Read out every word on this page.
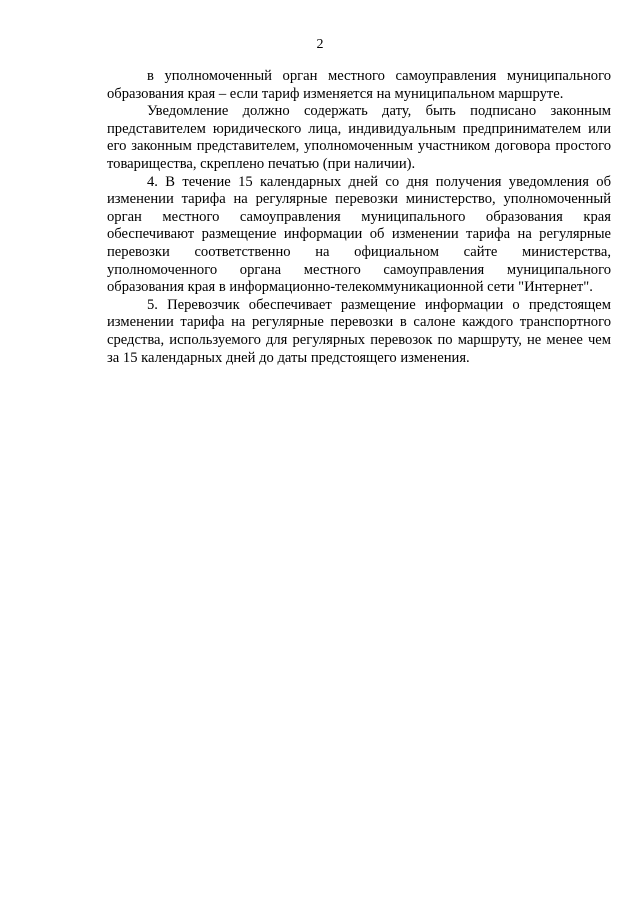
2

в уполномоченный орган местного самоуправления муниципального образования края – если тариф изменяется на муниципальном маршруте.

Уведомление должно содержать дату, быть подписано законным представителем юридического лица, индивидуальным предпринимателем или его законным представителем, уполномоченным участником договора простого товарищества, скреплено печатью (при наличии).

4. В течение 15 календарных дней со дня получения уведомления об изменении тарифа на регулярные перевозки министерство, уполномоченный орган местного самоуправления муниципального образования края обеспечивают размещение информации об изменении тарифа на регулярные перевозки соответственно на официальном сайте министерства, уполномоченного органа местного самоуправления муниципального образования края в информационно-телекоммуникационной сети "Интернет".

5. Перевозчик обеспечивает размещение информации о предстоящем изменении тарифа на регулярные перевозки в салоне каждого транспортного средства, используемого для регулярных перевозок по маршруту, не менее чем за 15 календарных дней до даты предстоящего изменения.
